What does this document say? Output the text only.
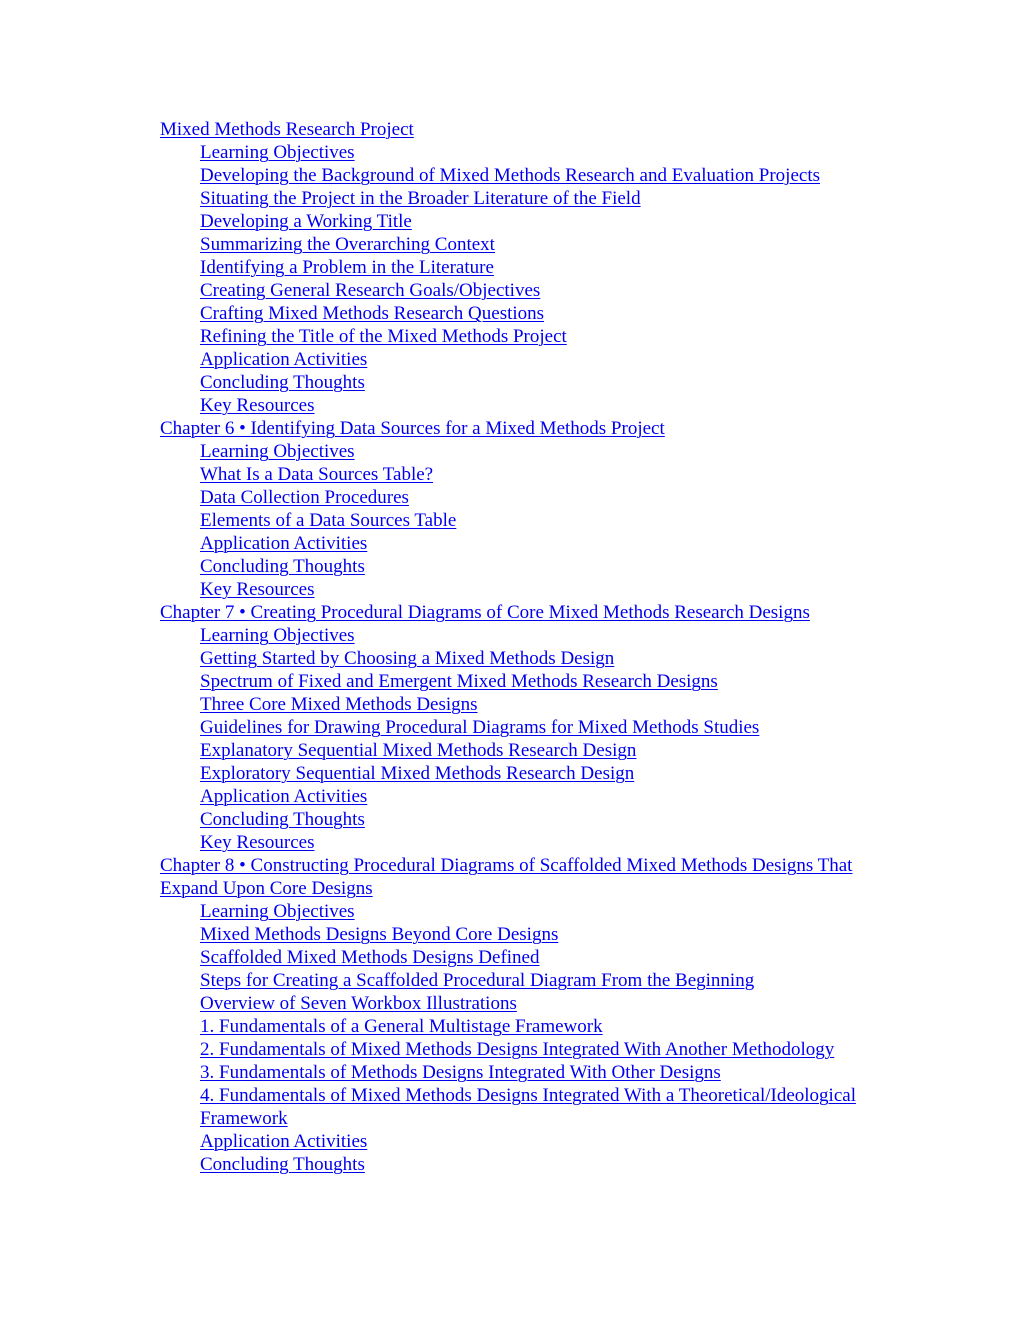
Mixed Methods Research Project
Learning Objectives
Developing the Background of Mixed Methods Research and Evaluation Projects
Situating the Project in the Broader Literature of the Field
Developing a Working Title
Summarizing the Overarching Context
Identifying a Problem in the Literature
Creating General Research Goals/Objectives
Crafting Mixed Methods Research Questions
Refining the Title of the Mixed Methods Project
Application Activities
Concluding Thoughts
Key Resources
Chapter 6 • Identifying Data Sources for a Mixed Methods Project
Learning Objectives
What Is a Data Sources Table?
Data Collection Procedures
Elements of a Data Sources Table
Application Activities
Concluding Thoughts
Key Resources
Chapter 7 • Creating Procedural Diagrams of Core Mixed Methods Research Designs
Learning Objectives
Getting Started by Choosing a Mixed Methods Design
Spectrum of Fixed and Emergent Mixed Methods Research Designs
Three Core Mixed Methods Designs
Guidelines for Drawing Procedural Diagrams for Mixed Methods Studies
Explanatory Sequential Mixed Methods Research Design
Exploratory Sequential Mixed Methods Research Design
Application Activities
Concluding Thoughts
Key Resources
Chapter 8 • Constructing Procedural Diagrams of Scaffolded Mixed Methods Designs That Expand Upon Core Designs
Learning Objectives
Mixed Methods Designs Beyond Core Designs
Scaffolded Mixed Methods Designs Defined
Steps for Creating a Scaffolded Procedural Diagram From the Beginning
Overview of Seven Workbox Illustrations
1. Fundamentals of a General Multistage Framework
2. Fundamentals of Mixed Methods Designs Integrated With Another Methodology
3. Fundamentals of Methods Designs Integrated With Other Designs
4. Fundamentals of Mixed Methods Designs Integrated With a Theoretical/Ideological Framework
Application Activities
Concluding Thoughts
